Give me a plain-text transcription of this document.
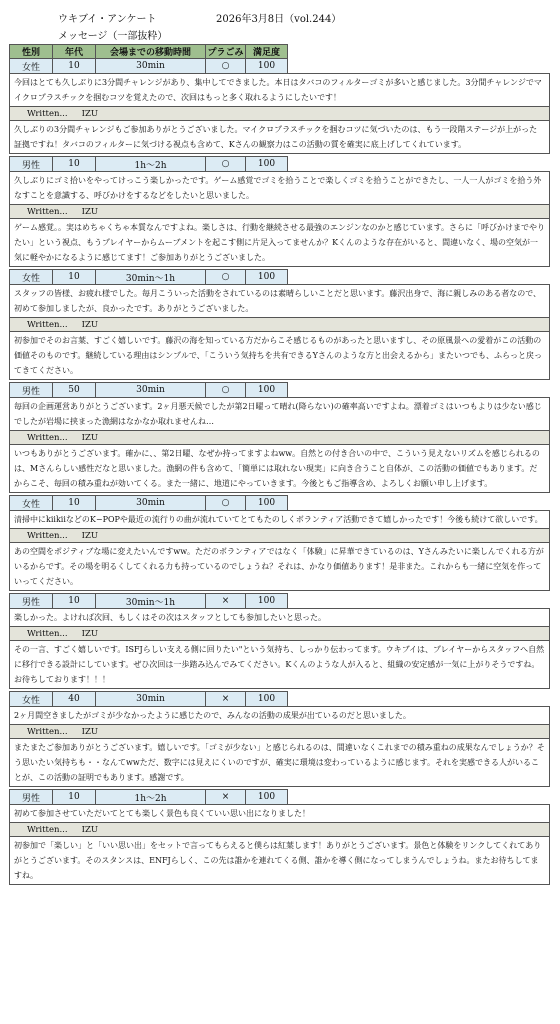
ウキブイ・アンケート	2026年3月8日（vol.244）
メッセージ（一部抜粋）
性別	年代	会場までの移動時間	プラごみ	満足度
女性	10	30min	○	100
今回はとても久しぶりに3分間チャレンジがあり、集中してできました。本日はタバコのフィルターゴミが多いと感じました。3分間チャレンジでマイクロプラスチックを掴むコツを覚えたので、次回はもっと多く取れるようにしたいです！
Written... IZU
久しぶりの3分間チャレンジもご参加ありがとうございました。マイクロプラスチックを掴むコツに気づいたのは、もう一段階ステージが上がった証拠ですね！タバコのフィルターに気づける視点も含めて、Kさんの観察力はこの活動の質を確実に底上げしてくれています。
男性	10	1h〜2h	○	100
久しぶりにゴミ拾いをやってけっこう楽しかったです。ゲーム感覚でゴミを拾うことで楽しくゴミを拾うことができたし、一人一人がゴミを拾う外なすことを意識する、呼びかけをするなどをしたいと思いました。
Written... IZU
ゲーム感覚。。実はめちゃくちゃ本質なんですよね。楽しさは、行動を継続させる最強のエンジンなのかと感じています。さらに「呼びかけまでやりたい」という視点、もうプレイヤーからムーブメントを起こす側に片足入ってませんか？Kくんのような存在がいると、間違いなく、場の空気が一気に軽やかになるように感じてます！ご参加ありがとうございました。
女性	10	30min〜1h	○	100
スタッフの皆様、お疲れ様でした。毎月こういった活動をされているのは素晴らしいことだと思います。藤沢出身で、海に親しみのある者なので、初めて参加しましたが、良かったです。ありがとうございました。
Written... IZU
初参加でそのお言葉、すごく嬉しいです。藤沢の海を知っている方だからこそ感じるものがあったと思いますし、その原風景への愛着がこの活動の価値そのものです。継続している理由はシンプルで、「こういう気持ちを共有できるYさんのような方と出会えるから」またいつでも、ふらっと戻ってきてください。
男性	50	30min	○	100
毎回の企画運営ありがとうございます。2ヶ月悪天候でしたが第2日曜って晴れ(降らない)の確率高いですよね。漂着ゴミはいつもよりは少ない感じでしたが岩場に挟まった漁網はなかなか取れませんね…
Written... IZU
いつもありがとうございます。確かに、、第2日曜、なぜか持ってますよねww。自然との付き合いの中で、こういう見えないリズムを感じられるのは、Mさんらしい感性だなと思いました。漁網の件も含めて、「簡単には取れない現実」に向き合うこと自体が、この活動の価値でもあります。だからこそ、毎回の積み重ねが効いてくる。また一緒に、地道にやっていきます。今後ともご指導含め、よろしくお願い申し上げます。
女性	10	30min	○	100
清掃中にkiikiiなどのK−POPや最近の流行りの曲が流れていてとてもたのしくボランティア活動できて嬉しかったです！今後も続けて欲しいです。
Written... IZU
あの空間をポジティブな場に変えたいんですww。ただのボランティアではなく「体験」に昇華できているのは、Yさんみたいに楽しんでくれる方がいるからです。その場を明るくしてくれる力も持っているのでしょうね？それは、かなり価値あります！是非また。これからも一緒に空気を作っていってください。
男性	10	30min〜1h	×	100
楽しかった。よければ次回、もしくはその次はスタッフとしても参加したいと思った。
Written... IZU
その一言、すごく嬉しいです。ISFJらしい支える側に回りたい"という気持ち、しっかり伝わってます。ウキブイは、プレイヤーからスタッフへ自然に移行できる設計にしています。ぜひ次回は一歩踏み込んでみてください。Kくんのような人が入ると、組織の安定感が一気に上がりそうですね。お待ちしております！！！
女性	40	30min	×	100
2ヶ月間空きましたがゴミが少なかったように感じたので、みんなの活動の成果が出ているのだと思いました。
Written... IZU
またまたご参加ありがとうございます。嬉しいです。「ゴミが少ない」と感じられるのは、間違いなくこれまでの積み重ねの成果なんでしょうか？そう思いたい気持ちも・・なんてwwただ、数字には見えにくいのですが、確実に環境は変わっているように感じます。それを実感できる人がいることが、この活動の証明でもあります。感謝です。
男性	10	1h〜2h	×	100
初めて参加させていただいてとても楽しく景色も良くていい思い出になりました！
Written... IZU
初参加で「楽しい」と「いい思い出」をセットで言ってもらえると僕らは紅葉します！ありがとうございます。景色と体験をリンクしてくれてありがとうございます。そのスタンスは、ENFJらしく、この先は誰かを連れてくる側、誰かを導く側になってしまうんでしょうね。またお待ちしてますね。
